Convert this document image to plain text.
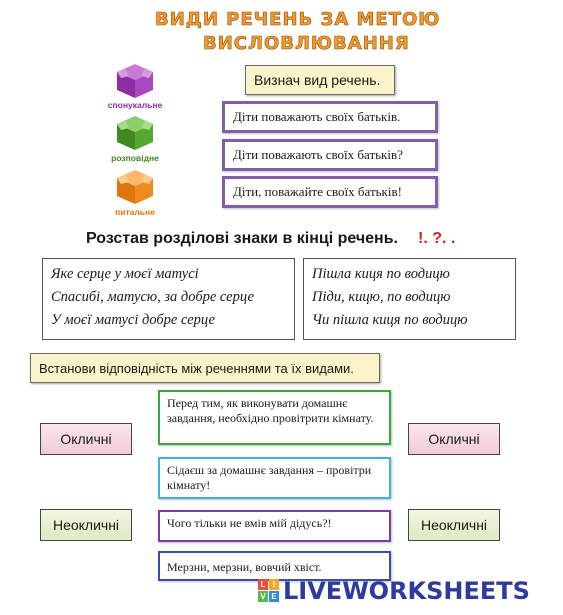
ВИДИ РЕЧЕНЬ ЗА МЕТОЮ
ВИСЛОВЛЮВАННЯ
спонукальне
розповідне
питальне
Визнач вид речень.
Діти поважають своїх батьків.
Діти поважають своїх батьків?
Діти, поважайте своїх батьків!
Розстав розділові знаки в кінці речень. !. ?. .
Яке серце у моєї матусі
Спасибі, матусю, за добре серце
У моєї матусі добре серце
Пішла киця по водицю
Піди, кицю, по водицю
Чи пішла киця по водицю
Встанови відповідність між реченнями та їх видами.
Окличні
Неокличні
Окличні
Неокличні
Перед тим, як виконувати домашнє завдання, необхідно провітрити кімнату.
Сідаєш за домашнє завдання – провітри кімнату!
Чого тільки не вмів мій дідусь?!
Мерзни, мерзни, вовчий хвіст.
L I
V E LIVEWORKSHEETS
